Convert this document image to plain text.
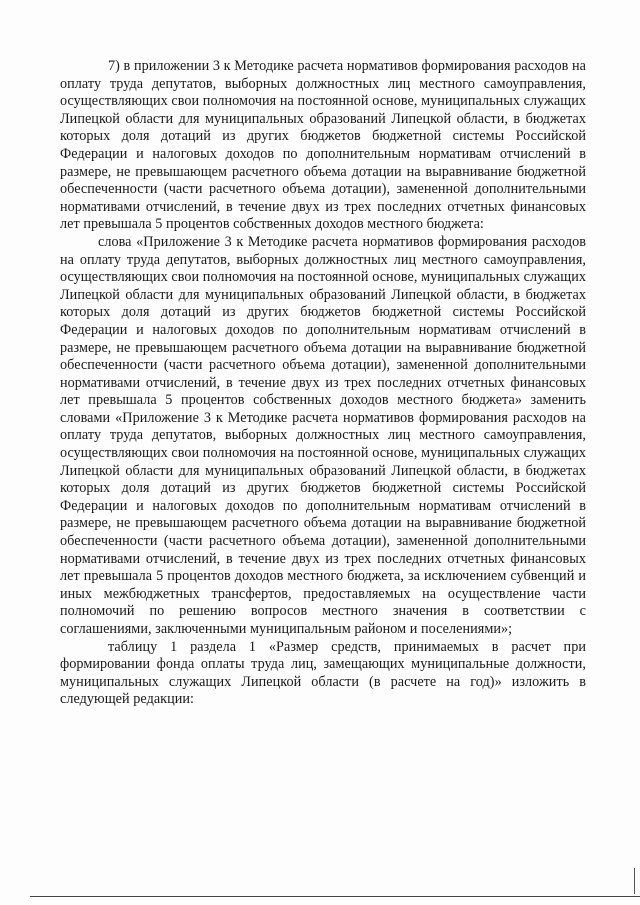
7) в приложении 3 к Методике расчета нормативов формирования расходов на оплату труда депутатов, выборных должностных лиц местного самоуправления, осуществляющих свои полномочия на постоянной основе, муниципальных служащих Липецкой области для муниципальных образований Липецкой области, в бюджетах которых доля дотаций из других бюджетов бюджетной системы Российской Федерации и налоговых доходов по дополнительным нормативам отчислений в размере, не превышающем расчетного объема дотации на выравнивание бюджетной обеспеченности (части расчетного объема дотации), замененной дополнительными нормативами отчислений, в течение двух из трех последних отчетных финансовых лет превышала 5 процентов собственных доходов местного бюджета:

слова «Приложение 3 к Методике расчета нормативов формирования расходов на оплату труда депутатов, выборных должностных лиц местного самоуправления, осуществляющих свои полномочия на постоянной основе, муниципальных служащих Липецкой области для муниципальных образований Липецкой области, в бюджетах которых доля дотаций из других бюджетов бюджетной системы Российской Федерации и налоговых доходов по дополнительным нормативам отчислений в размере, не превышающем расчетного объема дотации на выравнивание бюджетной обеспеченности (части расчетного объема дотации), замененной дополнительными нормативами отчислений, в течение двух из трех последних отчетных финансовых лет превышала 5 процентов собственных доходов местного бюджета» заменить словами «Приложение 3 к Методике расчета нормативов формирования расходов на оплату труда депутатов, выборных должностных лиц местного самоуправления, осуществляющих свои полномочия на постоянной основе, муниципальных служащих Липецкой области для муниципальных образований Липецкой области, в бюджетах которых доля дотаций из других бюджетов бюджетной системы Российской Федерации и налоговых доходов по дополнительным нормативам отчислений в размере, не превышающем расчетного объема дотации на выравнивание бюджетной обеспеченности (части расчетного объема дотации), замененной дополнительными нормативами отчислений, в течение двух из трех последних отчетных финансовых лет превышала 5 процентов доходов местного бюджета, за исключением субвенций и иных межбюджетных трансфертов, предоставляемых на осуществление части полномочий по решению вопросов местного значения в соответствии с соглашениями, заключенными муниципальным районом и поселениями»;

таблицу 1 раздела 1 «Размер средств, принимаемых в расчет при формировании фонда оплаты труда лиц, замещающих муниципальные должности, муниципальных служащих Липецкой области (в расчете на год)» изложить в следующей редакции:
